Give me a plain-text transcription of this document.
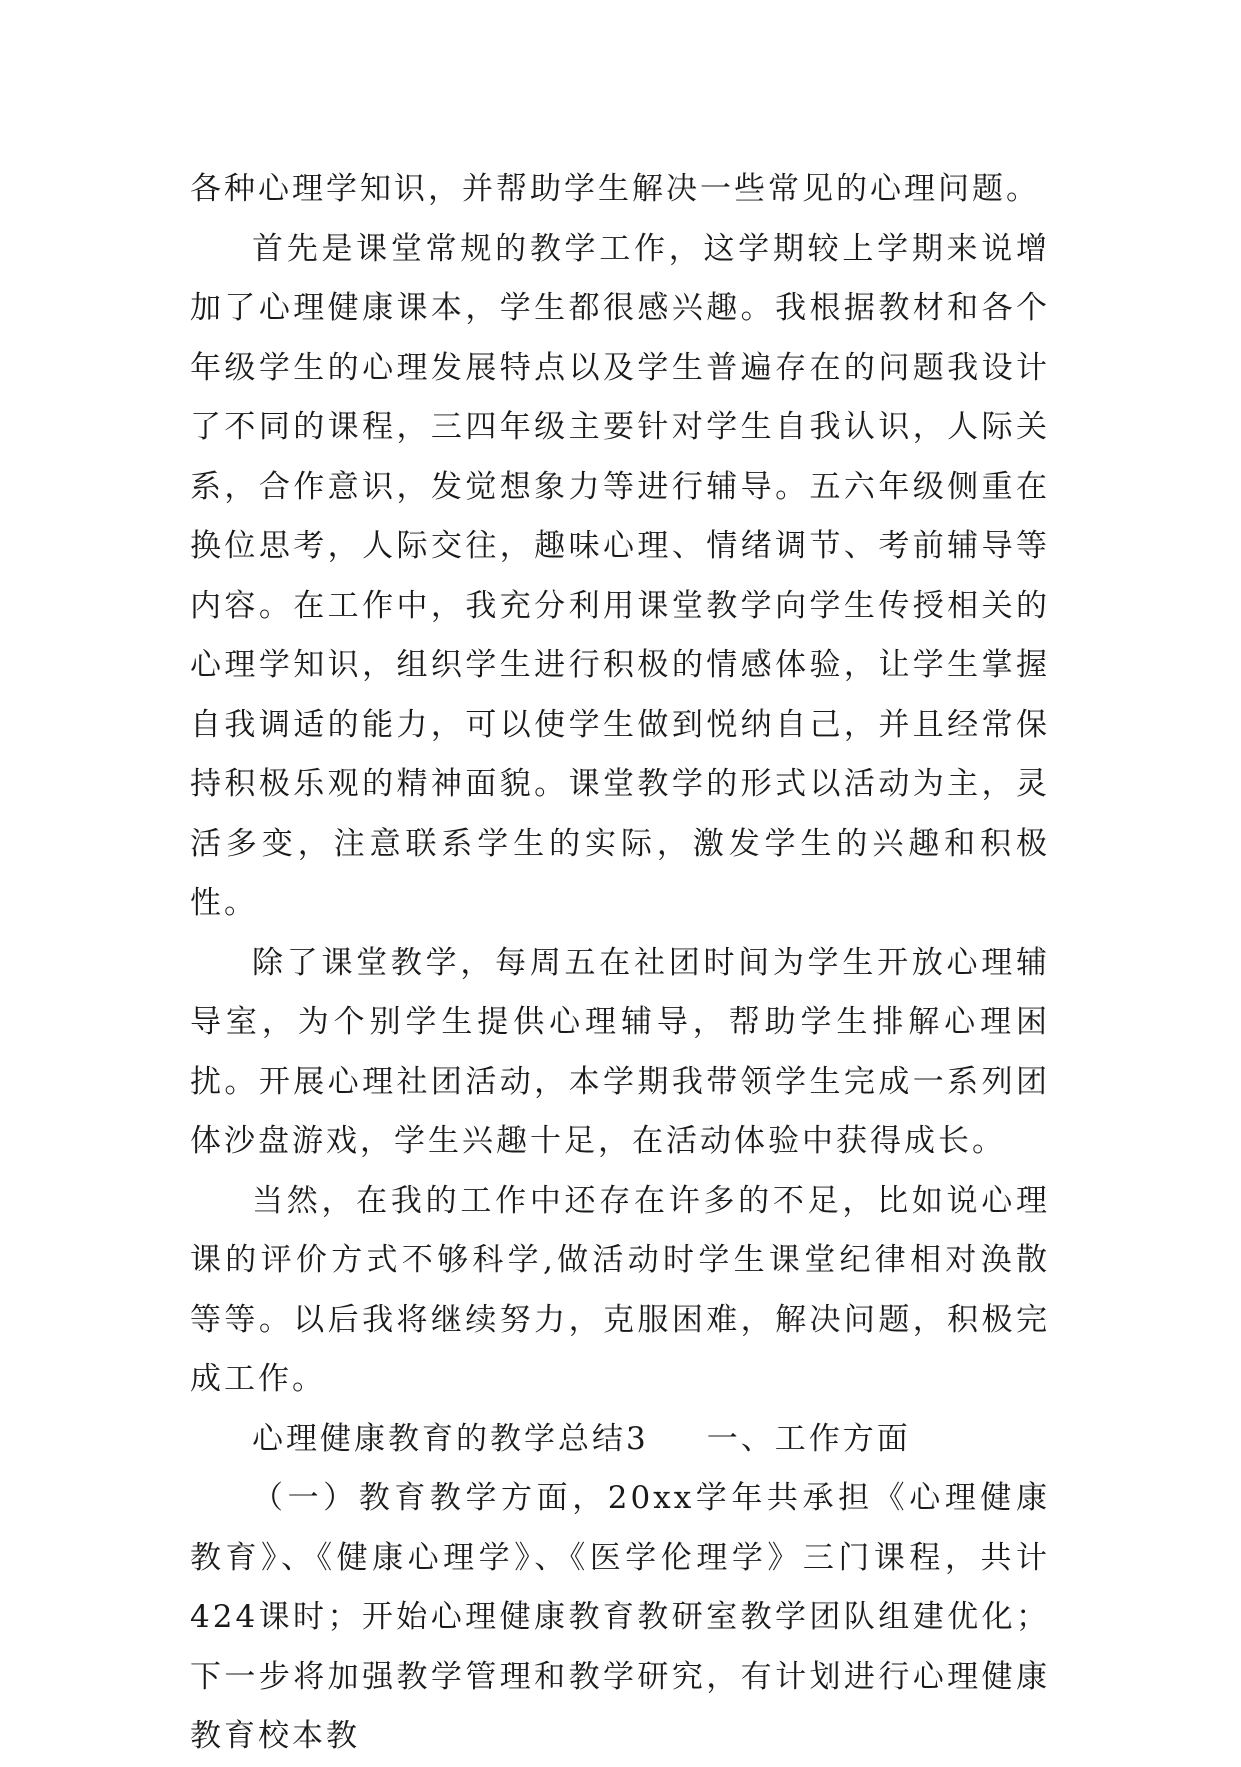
各种心理学知识，并帮助学生解决一些常见的心理问题。

首先是课堂常规的教学工作，这学期较上学期来说增加了心理健康课本，学生都很感兴趣。我根据教材和各个年级学生的心理发展特点以及学生普遍存在的问题我设计了不同的课程，三四年级主要针对学生自我认识，人际关系，合作意识，发觉想象力等进行辅导。五六年级侧重在换位思考，人际交往，趣味心理、情绪调节、考前辅导等内容。在工作中，我充分利用课堂教学向学生传授相关的心理学知识，组织学生进行积极的情感体验，让学生掌握自我调适的能力，可以使学生做到悦纳自己，并且经常保持积极乐观的精神面貌。课堂教学的形式以活动为主，灵活多变，注意联系学生的实际，激发学生的兴趣和积极性。

除了课堂教学，每周五在社团时间为学生开放心理辅导室，为个别学生提供心理辅导，帮助学生排解心理困扰。开展心理社团活动，本学期我带领学生完成一系列团体沙盘游戏，学生兴趣十足，在活动体验中获得成长。

当然，在我的工作中还存在许多的不足，比如说心理课的评价方式不够科学,做活动时学生课堂纪律相对涣散等等。以后我将继续努力，克服困难，解决问题，积极完成工作。

心理健康教育的教学总结3 一、工作方面

（一）教育教学方面，20xx学年共承担《心理健康教育》、《健康心理学》、《医学伦理学》三门课程，共计424课时；开始心理健康教育教研室教学团队组建优化；下一步将加强教学管理和教学研究，有计划进行心理健康教育校本教
